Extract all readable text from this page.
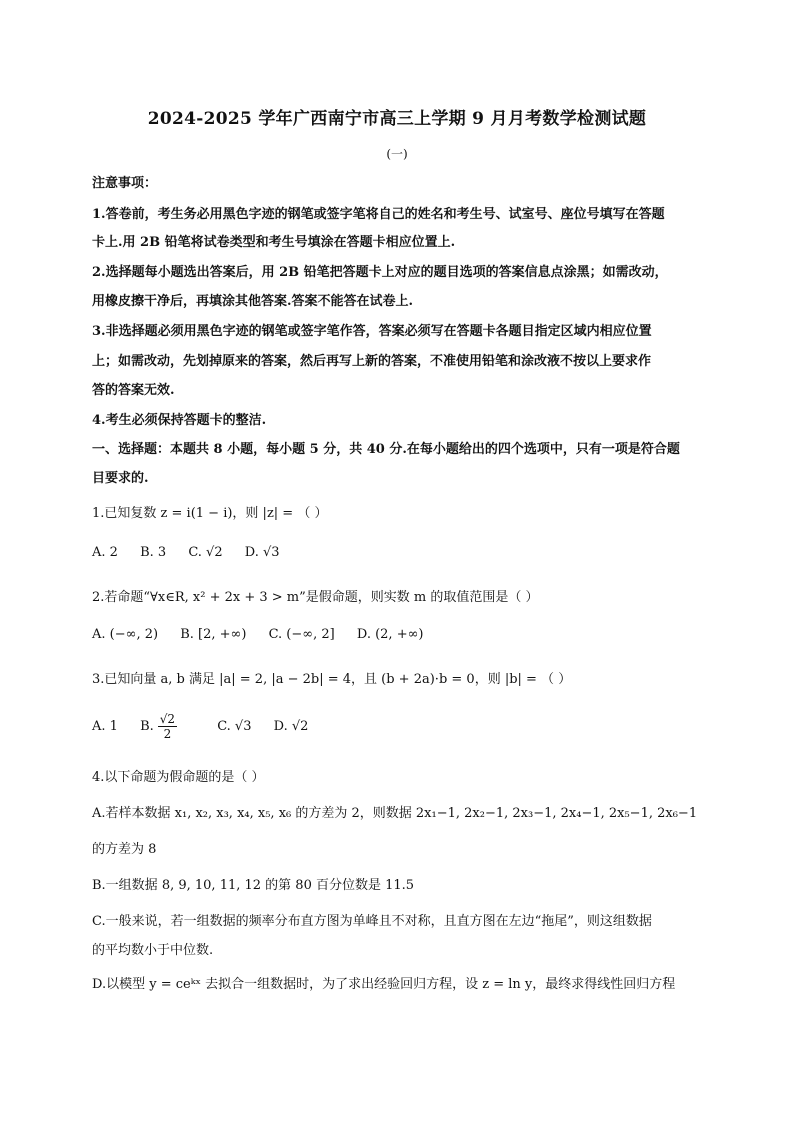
2024-2025 学年广西南宁市高三上学期 9 月月考数学检测试题
(一)
注意事项：
1.答卷前，考生务必用黑色字迹的钢笔或签字笔将自己的姓名和考生号、试室号、座位号填写在答题
卡上.用 2B 铅笔将试卷类型和考生号填涂在答题卡相应位置上.
2.选择题每小题选出答案后，用 2B 铅笔把答题卡上对应的题目选项的答案信息点涂黑；如需改动，
用橡皮擦干净后，再填涂其他答案.答案不能答在试卷上.
3.非选择题必须用黑色字迹的钢笔或签字笔作答，答案必须写在答题卡各题目指定区域内相应位置
上；如需改动，先划掉原来的答案，然后再写上新的答案，不准使用铅笔和涂改液不按以上要求作
答的答案无效.
4.考生必须保持答题卡的整洁.
一、选择题：本题共 8 小题，每小题 5 分，共 40 分.在每小题给出的四个选项中，只有一项是符合题
目要求的.
1.已知复数 z = i(1 − i)，则 |z| = （ ）
A. 2 B. 3 C. √2 D. √3
2.若命题“∀x∈R, x² + 2x + 3 > m”是假命题，则实数 m 的取值范围是（ ）
A. (−∞, 2) B. [2, +∞) C. (−∞, 2] D. (2, +∞)
3.已知向量 a, b 满足 |a| = 2, |a − 2b| = 4，且 (b + 2a)·b = 0，则 |b| = （ ）
A. 1 B. $\frac{√2}{2}$	C. √3 D. √2
4.以下命题为假命题的是（ ）
A.若样本数据 x₁, x₂, x₃, x₄, x₅, x₆ 的方差为 2，则数据 2x₁−1, 2x₂−1, 2x₃−1, 2x₄−1, 2x₅−1, 2x₆−1
的方差为 8
B.一组数据 8, 9, 10, 11, 12 的第 80 百分位数是 11.5
C.一般来说，若一组数据的频率分布直方图为单峰且不对称，且直方图在左边“拖尾”，则这组数据
的平均数小于中位数.
D.以模型 y = ceᵏˣ 去拟合一组数据时，为了求出经验回归方程，设 z = ln y，最终求得线性回归方程
